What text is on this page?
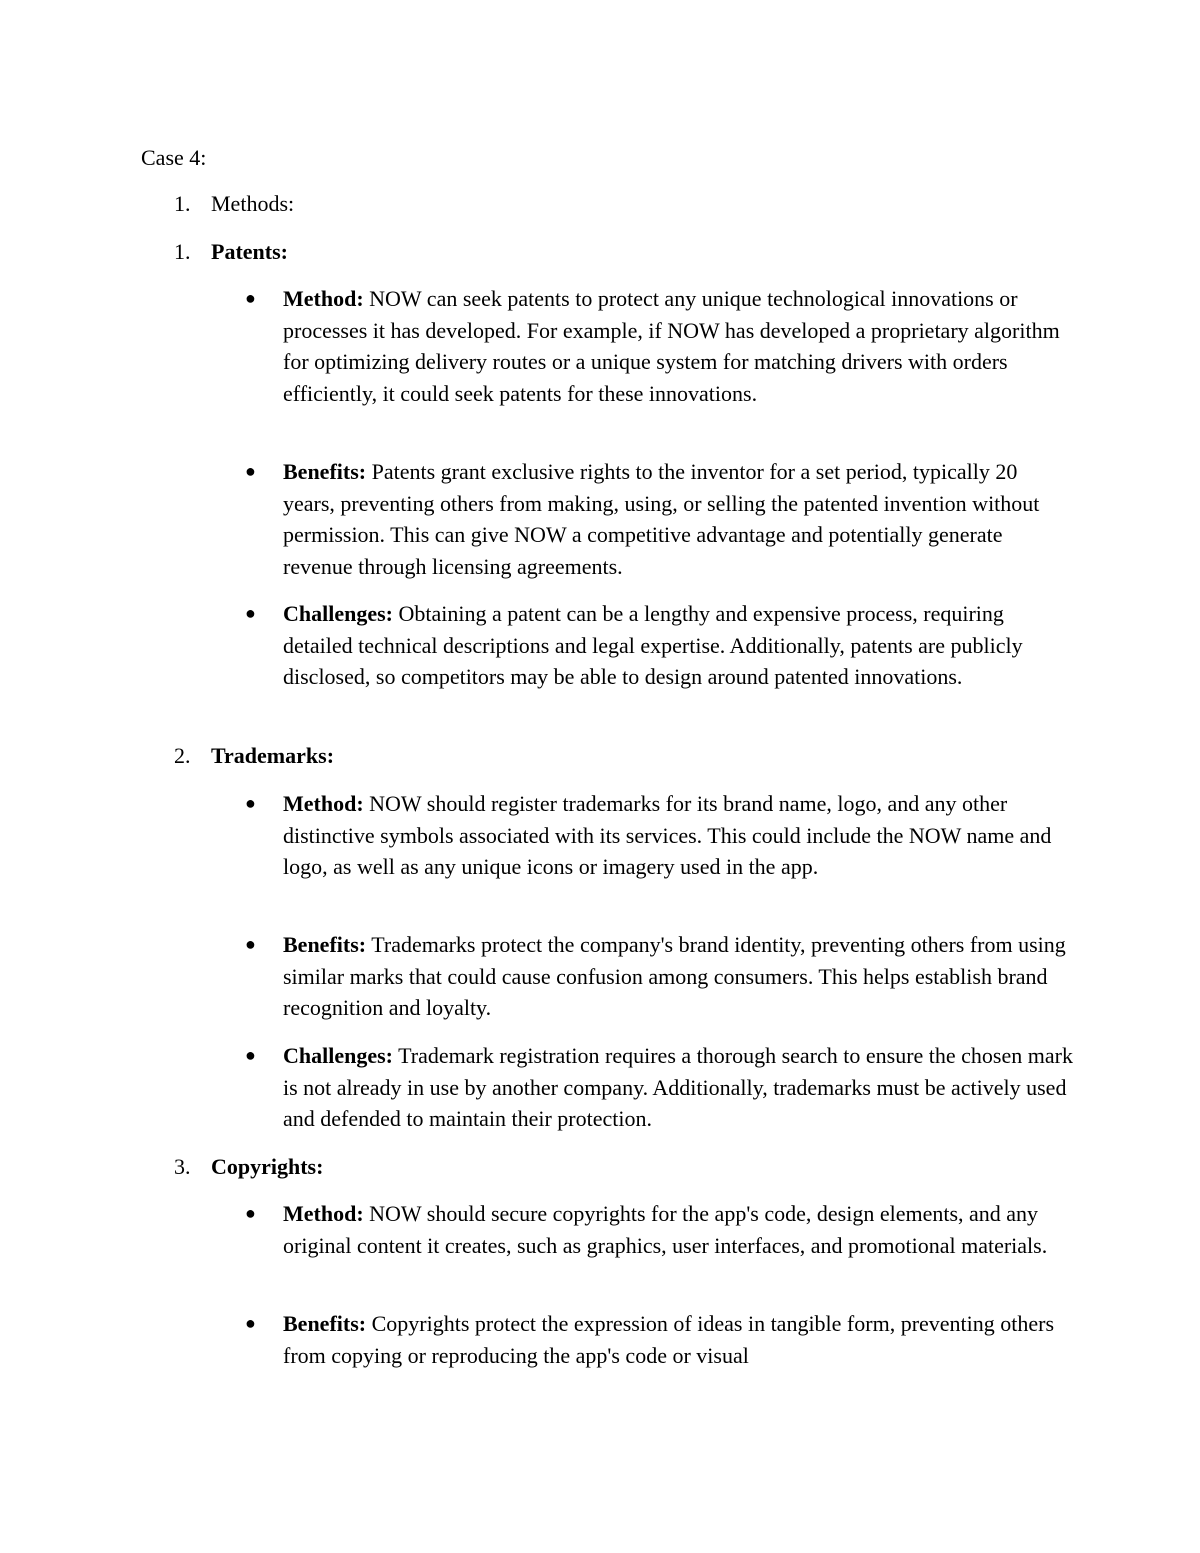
Case 4:
1. Methods:
1. Patents:
●	Method: NOW can seek patents to protect any unique technological innovations or processes it has developed. For example, if NOW has developed a proprietary algorithm for optimizing delivery routes or a unique system for matching drivers with orders efficiently, it could seek patents for these innovations.
●	Benefits: Patents grant exclusive rights to the inventor for a set period, typically 20 years, preventing others from making, using, or selling the patented invention without permission. This can give NOW a competitive advantage and potentially generate revenue through licensing agreements.
●	Challenges: Obtaining a patent can be a lengthy and expensive process, requiring detailed technical descriptions and legal expertise. Additionally, patents are publicly disclosed, so competitors may be able to design around patented innovations.
2. Trademarks:
●	Method: NOW should register trademarks for its brand name, logo, and any other distinctive symbols associated with its services. This could include the NOW name and logo, as well as any unique icons or imagery used in the app.
●	Benefits: Trademarks protect the company's brand identity, preventing others from using similar marks that could cause confusion among consumers. This helps establish brand recognition and loyalty.
●	Challenges: Trademark registration requires a thorough search to ensure the chosen mark is not already in use by another company. Additionally, trademarks must be actively used and defended to maintain their protection.
3. Copyrights:
●	Method: NOW should secure copyrights for the app's code, design elements, and any original content it creates, such as graphics, user interfaces, and promotional materials.
●	Benefits: Copyrights protect the expression of ideas in tangible form, preventing others from copying or reproducing the app's code or visual
